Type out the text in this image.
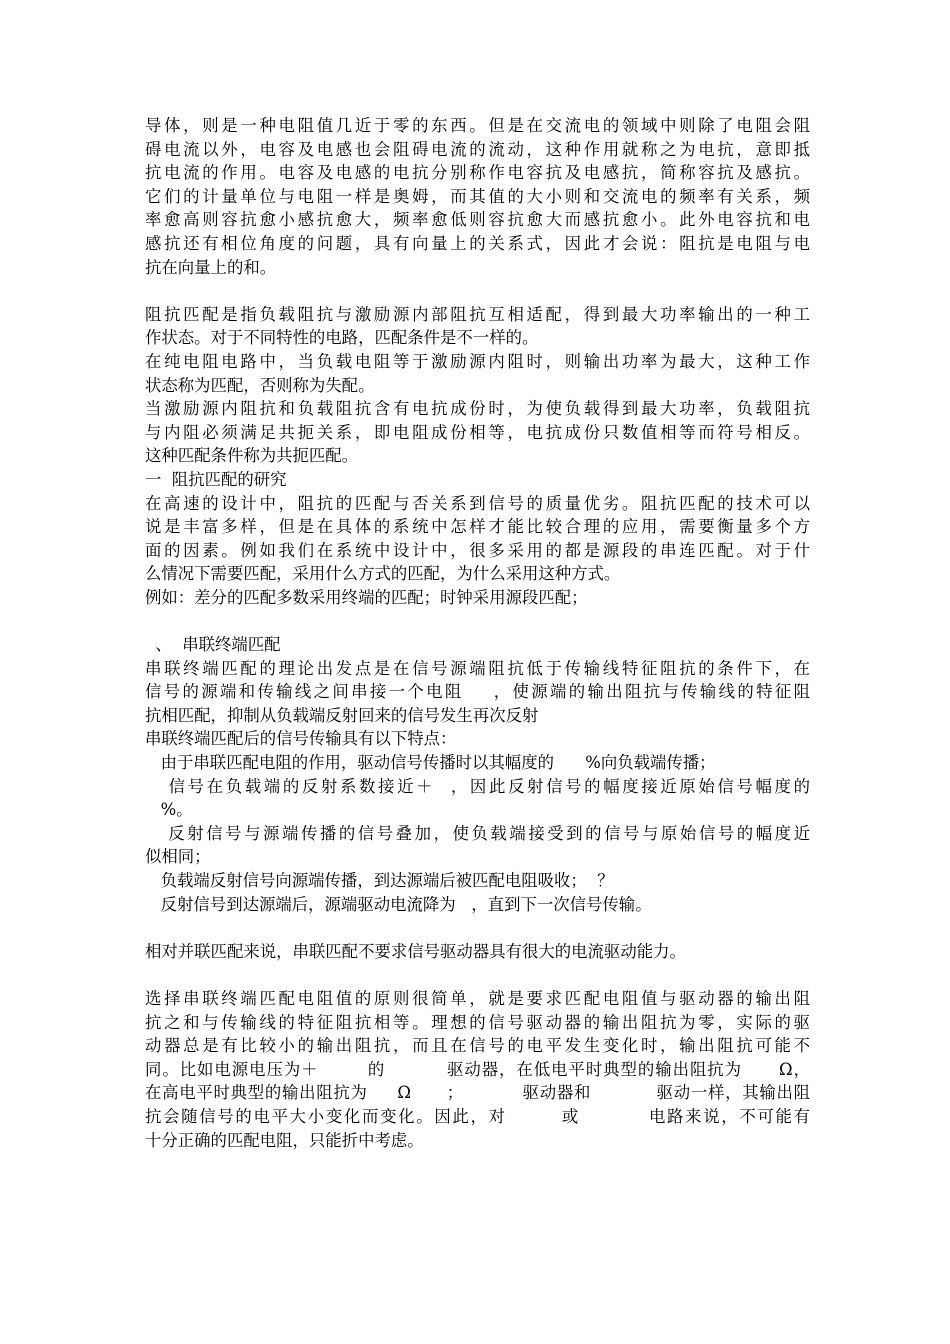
导体，则是一种电阻值几近于零的东西。但是在交流电的领域中则除了电阻会阻
碍电流以外，电容及电感也会阻碍电流的流动，这种作用就称之为电抗，意即抵
抗电流的作用。电容及电感的电抗分别称作电容抗及电感抗，简称容抗及感抗。
它们的计量单位与电阻一样是奥姆，而其值的大小则和交流电的频率有关系，频
率愈高则容抗愈小感抗愈大，频率愈低则容抗愈大而感抗愈小。此外电容抗和电
感抗还有相位角度的问题，具有向量上的关系式，因此才会说：阻抗是电阻与电
抗在向量上的和。
阻抗匹配是指负载阻抗与激励源内部阻抗互相适配，得到最大功率输出的一种工
作状态。对于不同特性的电路，匹配条件是不一样的。
在纯电阻电路中，当负载电阻等于激励源内阻时，则输出功率为最大，这种工作
状态称为匹配，否则称为失配。
当激励源内阻抗和负载阻抗含有电抗成份时，为使负载得到最大功率，负载阻抗
与内阻必须满足共扼关系，即电阻成份相等，电抗成份只数值相等而符号相反。
这种匹配条件称为共扼匹配。
一  阻抗匹配的研究
在高速的设计中，阻抗的匹配与否关系到信号的质量优劣。阻抗匹配的技术可以
说是丰富多样，但是在具体的系统中怎样才能比较合理的应用，需要衡量多个方
面的因素。例如我们在系统中设计中，很多采用的都是源段的串连匹配。对于什
么情况下需要匹配，采用什么方式的匹配，为什么采用这种方式。
例如：差分的匹配多数采用终端的匹配；时钟采用源段匹配；
、  串联终端匹配
串联终端匹配的理论出发点是在信号源端阻抗低于传输线特征阻抗的条件下，在
信号的源端和传输线之间串接一个电阻    ，使源端的输出阻抗与传输线的特征阻
抗相匹配，抑制从负载端反射回来的信号发生再次反射
串联终端匹配后的信号传输具有以下特点：
由于串联匹配电阻的作用，驱动信号传播时以其幅度的      %向负载端传播；
信号在负载端的反射系数接近＋  ，因此反射信号的幅度接近原始信号幅度的
%。
反射信号与源端传播的信号叠加，使负载端接受到的信号与原始信号的幅度近
似相同；
负载端反射信号向源端传播，到达源端后被匹配电阻吸收；  ？
反射信号到达源端后，源端驱动电流降为   ，直到下一次信号传输。
相对并联匹配来说，串联匹配不要求信号驱动器具有很大的电流驱动能力。
选择串联终端匹配电阻值的原则很简单，就是要求匹配电阻值与驱动器的输出阻
抗之和与传输线的特征阻抗相等。理想的信号驱动器的输出阻抗为零，实际的驱
动器总是有比较小的输出阻抗，而且在信号的电平发生变化时，输出阻抗可能不
同。比如电源电压为＋        的          驱动器，在低电平时典型的输出阻抗为      Ω，
在高电平时典型的输出阻抗为     Ω      ；          驱动器和           驱动一样，其输出阻
抗会随信号的电平大小变化而变化。因此，对        或          电路来说，不可能有
十分正确的匹配电阻，只能折中考虑。
